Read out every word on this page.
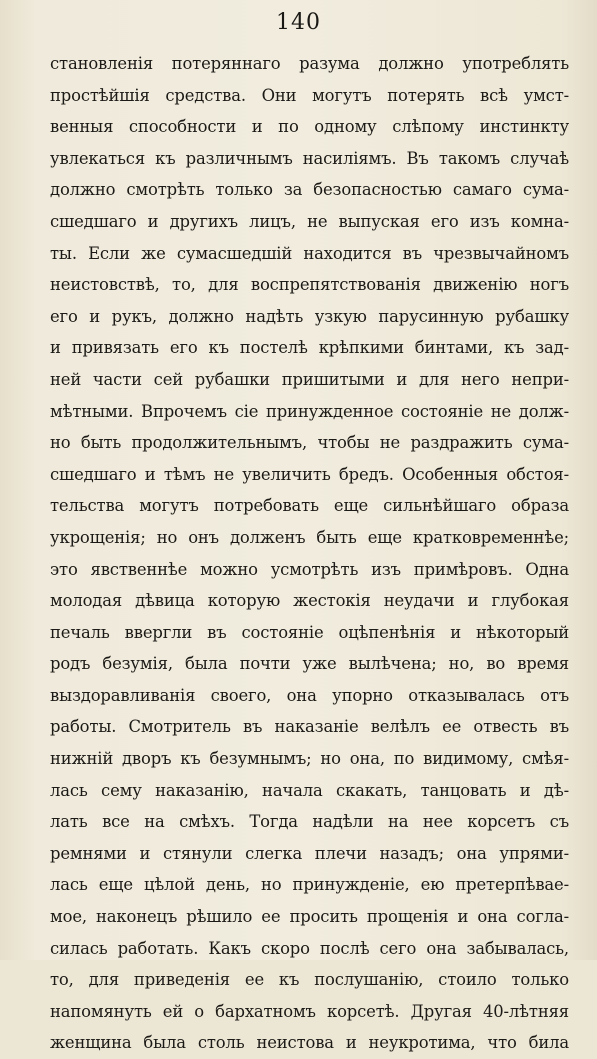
140
становленія потеряннаго разума должно употреблять
простѣйшія средства. Они могутъ потерять всѣ умст-
венныя способности и по одному слѣпому инстинкту
увлекаться къ различнымъ насиліямъ. Въ такомъ случаѣ
должно смотрѣть только за безопасностью самаго сума-
сшедшаго и другихъ лицъ, не выпуская его изъ комна-
ты. Если же сумасшедшій находится въ чрезвычайномъ
неистовствѣ, то, для воспрепятствованія движенію ногъ
его и рукъ, должно надѣть узкую парусинную рубашку
и привязать его къ постелѣ крѣпкими бинтами, къ зад-
ней части сей рубашки пришитыми и для него непри-
мѣтными. Впрочемъ сіе принужденное состояніе не долж-
но быть продолжительнымъ, чтобы не раздражить сума-
сшедшаго и тѣмъ не увеличить бредъ. Особенныя обстоя-
тельства могутъ потребовать еще сильнѣйшаго образа
укрощенія; но онъ долженъ быть еще кратковременнѣе;
это явственнѣе можно усмотрѣть изъ примѣровъ. Одна
молодая дѣвица которую жестокія неудачи и глубокая
печаль ввергли въ состояніе оцѣпенѣнія и нѣкоторый
родъ безумія, была почти уже вылѣчена; но, во время
выздоравливанія своего, она упорно отказывалась отъ
работы. Смотритель въ наказаніе велѣлъ ее отвесть въ
нижній дворъ къ безумнымъ; но она, по видимому, смѣя-
лась сему наказанію, начала скакать, танцовать и дѣ-
лать все на смѣхъ. Тогда надѣли на нее корсетъ съ
ремнями и стянули слегка плечи назадъ; она упрями-
лась еще цѣлой день, но принужденіе, ею претерпѣвае-
мое, наконецъ рѣшило ее просить прощенія и она согла-
силась работать. Какъ скоро послѣ сего она забывалась,
то, для приведенія ее къ послушанію, стоило только
напомянуть ей о бархатномъ корсетѣ. Другая 40-лѣтняя
женщина была столь неистова и неукротима, что била
